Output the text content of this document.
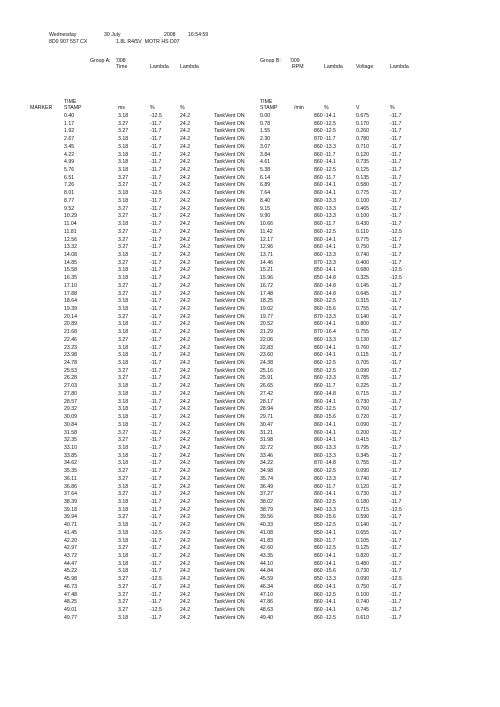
Wednesday	30 July	2008 16:54:59
8D0 907 557 CX	1.8L R4/5V  MOTR HS D07
Group A: '008
Time	Lambda Lambda
Group B: '009
RPM	Lambda	Voltage	Lambda
TIME	TIME
MARKER STAMP	ms	%	%	STAMP	/min	%	V	%
0.40	3.18	-12.5	24.2	TankVent ON	0.00	860 -14.1	0.675	-11.7
1.17	3.27	-11.7	24.2	TankVent ON	0.78	860 -12.5	0.170	-11.7
1.92	3.27	-11.7	24.2	TankVent ON	1.55	860 -12.5	0.260	-11.7
2.67	3.18	-11.7	24.2	TankVent ON	2.30	870 -11.7	0.780	-11.7
3.45	3.18	-11.7	24.2	TankVent ON	3.07	860 -13.3	0.710	-11.7
4.22	3.18	-11.7	24.2	TankVent ON	3.84	860 -11.7	0.120	-11.7
4.99	3.18	-11.7	24.2	TankVent ON	4.61	860 -14.1	0.735	-11.7
5.76	3.18	-11.7	24.2	TankVent ON	5.38	860 -12.5	0.125	-11.7
6.51	3.27	-11.7	24.2	TankVent ON	6.14	860 -11.7	0.135	-11.7
7.26	3.27	-11.7	24.2	TankVent ON	6.89	860 -14.1	0.580	-11.7
8.01	3.18	-12.5	24.2	TankVent ON	7.64	860 -14.1	0.775	-11.7
8.77	3.18	-11.7	24.2	TankVent ON	8.40	860 -13.3	0.100	-11.7
9.52	3.27	-11.7	24.2	TankVent ON	9.15	860 -13.3	0.465	-11.7
10.29	3.27	-11.7	24.2	TankVent ON	9.90	860 -13.3	0.100	-11.7
11.04	3.18	-11.7	24.2	TankVent ON	10.66	860 -11.7	0.430	-11.7
11.81	3.27	-11.7	24.2	TankVent ON	11.42	860 -12.5	0.110	-12.5
12.56	3.27	-11.7	24.2	TankVent ON	12.17	860 -14.1	0.775	-11.7
13.32	3.27	-11.7	24.2	TankVent ON	12.96	860 -14.1	0.750	-11.7
14.08	3.18	-11.7	24.2	TankVent ON	13.71	860 -13.3	0.740	-11.7
14.85	3.27	-11.7	24.2	TankVent ON	14.46	870 -13.3	0.400	-11.7
15.58	3.18	-11.7	24.2	TankVent ON	15.21	850 -14.1	0.680	-12.5
16.35	3.18	-11.7	24.2	TankVent ON	15.96	850 -14.8	0.325	-12.5
17.10	3.27	-11.7	24.2	TankVent ON	16.72	860 -14.8	0.145	-11.7
17.88	3.27	-11.7	24.2	TankVent ON	17.48	860 -14.8	0.645	-11.7
18.64	3.18	-11.7	24.2	TankVent ON	18.25	860 -12.5	0.315	-11.7
19.39	3.18	-11.7	24.2	TankVent ON	19.02	860 -15.6	0.755	-11.7
20.14	3.27	-11.7	24.2	TankVent ON	19.77	870 -13.3	0.140	-11.7
20.89	3.18	-11.7	24.2	TankVent ON	20.52	860 -14.1	0.800	-11.7
21.68	3.18	-11.7	24.2	TankVent ON	21.29	870 -16.4	0.755	-11.7
22.46	3.27	-11.7	24.2	TankVent ON	22.06	860 -13.3	0.130	-11.7
23.23	3.18	-11.7	24.2	TankVent ON	22.83	860 -14.1	0.760	-11.7
23.98	3.18	-11.7	24.2	TankVent ON	23.60	860 -14.1	0.115	-11.7
24.78	3.18	-11.7	24.2	TankVent ON	24.38	860 -12.5	0.705	-11.7
25.53	3.27	-11.7	24.2	TankVent ON	25.16	850 -12.5	0.090	-11.7
26.28	3.27	-11.7	24.2	TankVent ON	25.91	860 -13.3	0.785	-11.7
27.03	3.18	-11.7	24.2	TankVent ON	26.65	860 -11.7	0.225	-11.7
27.80	3.18	-11.7	24.2	TankVent ON	27.42	860 -14.8	0.715	-11.7
28.57	3.18	-11.7	24.2	TankVent ON	28.17	860 -14.1	0.730	-11.7
29.32	3.18	-11.7	24.2	TankVent ON	28.94	850 -12.5	0.760	-11.7
30.09	3.18	-11.7	24.2	TankVent ON	29.71	860 -15.6	0.720	-11.7
30.84	3.18	-11.7	24.2	TankVent ON	30.47	860 -14.1	0.090	-11.7
31.58	3.27	-11.7	24.2	TankVent ON	31.21	860 -14.1	0.200	-11.7
32.35	3.27	-11.7	24.2	TankVent ON	31.98	860 -14.1	0.415	-11.7
33.10	3.18	-11.7	24.2	TankVent ON	32.72	860 -13.3	0.795	-11.7
33.85	3.18	-11.7	24.2	TankVent ON	33.46	860 -13.3	0.345	-11.7
34.62	3.18	-11.7	24.2	TankVent ON	34.22	870 -14.8	0.755	-11.7
35.35	3.27	-11.7	24.2	TankVent ON	34.98	860 -12.5	0.090	-11.7
36.11	3.27	-11.7	24.2	TankVent ON	35.74	860 -13.3	0.740	-11.7
36.86	3.18	-11.7	24.2	TankVent ON	36.49	860 -11.7	0.120	-11.7
37.64	3.27	-11.7	24.2	TankVent ON	37.27	860 -14.1	0.730	-11.7
38.39	3.18	-11.7	24.2	TankVent ON	38.02	860 -12.5	0.180	-11.7
39.18	3.18	-11.7	24.2	TankVent ON	38.79	840 -13.3	0.715	-12.5
39.94	3.27	-11.7	24.2	TankVent ON	39.56	860 -15.6	0.590	-11.7
40.71	3.18	-11.7	24.2	TankVent ON	40.33	850 -12.5	0.140	-11.7
41.45	3.18	-12.5	24.2	TankVent ON	41.08	850 -14.1	0.655	-11.7
42.20	3.18	-11.7	24.2	TankVent ON	41.83	860 -11.7	0.105	-11.7
42.97	3.27	-11.7	24.2	TankVent ON	42.60	860 -12.5	0.125	-11.7
43.72	3.18	-11.7	24.2	TankVent ON	43.35	860 -14.1	0.820	-11.7
44.47	3.18	-11.7	24.2	TankVent ON	44.10	860 -14.1	0.480	-11.7
45.22	3.18	-11.7	24.2	TankVent ON	44.84	860 -15.6	0.730	-11.7
45.98	3.27	-12.5	24.2	TankVent ON	45.59	850 -13.3	0.090	-12.5
46.73	3.27	-11.7	24.2	TankVent ON	46.34	860 -14.1	0.750	-11.7
47.48	3.27	-11.7	24.2	TankVent ON	47.10	860 -12.5	0.100	-11.7
48.25	3.27	-11.7	24.2	TankVent ON	47.86	860 -14.1	0.740	-11.7
49.01	3.27	-12.5	24.2	TankVent ON	48.63	860 -14.1	0.745	-11.7
49.77	3.18	-11.7	24.2	TankVent ON	49.40	860 -12.5	0.610	-11.7
